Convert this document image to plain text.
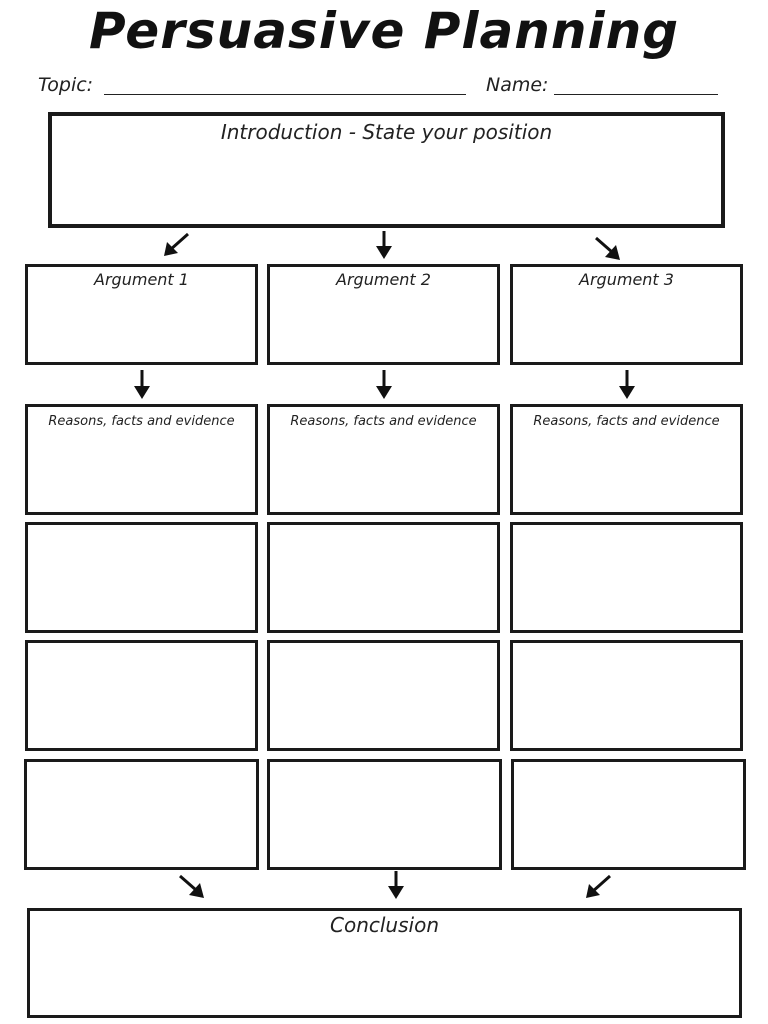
Persuasive Planning
Topic:	Name:
Introduction - State your position
Argument 1	Argument 2	Argument 3
Reasons, facts and evidence	Reasons, facts and evidence	Reasons, facts and evidence
Conclusion
